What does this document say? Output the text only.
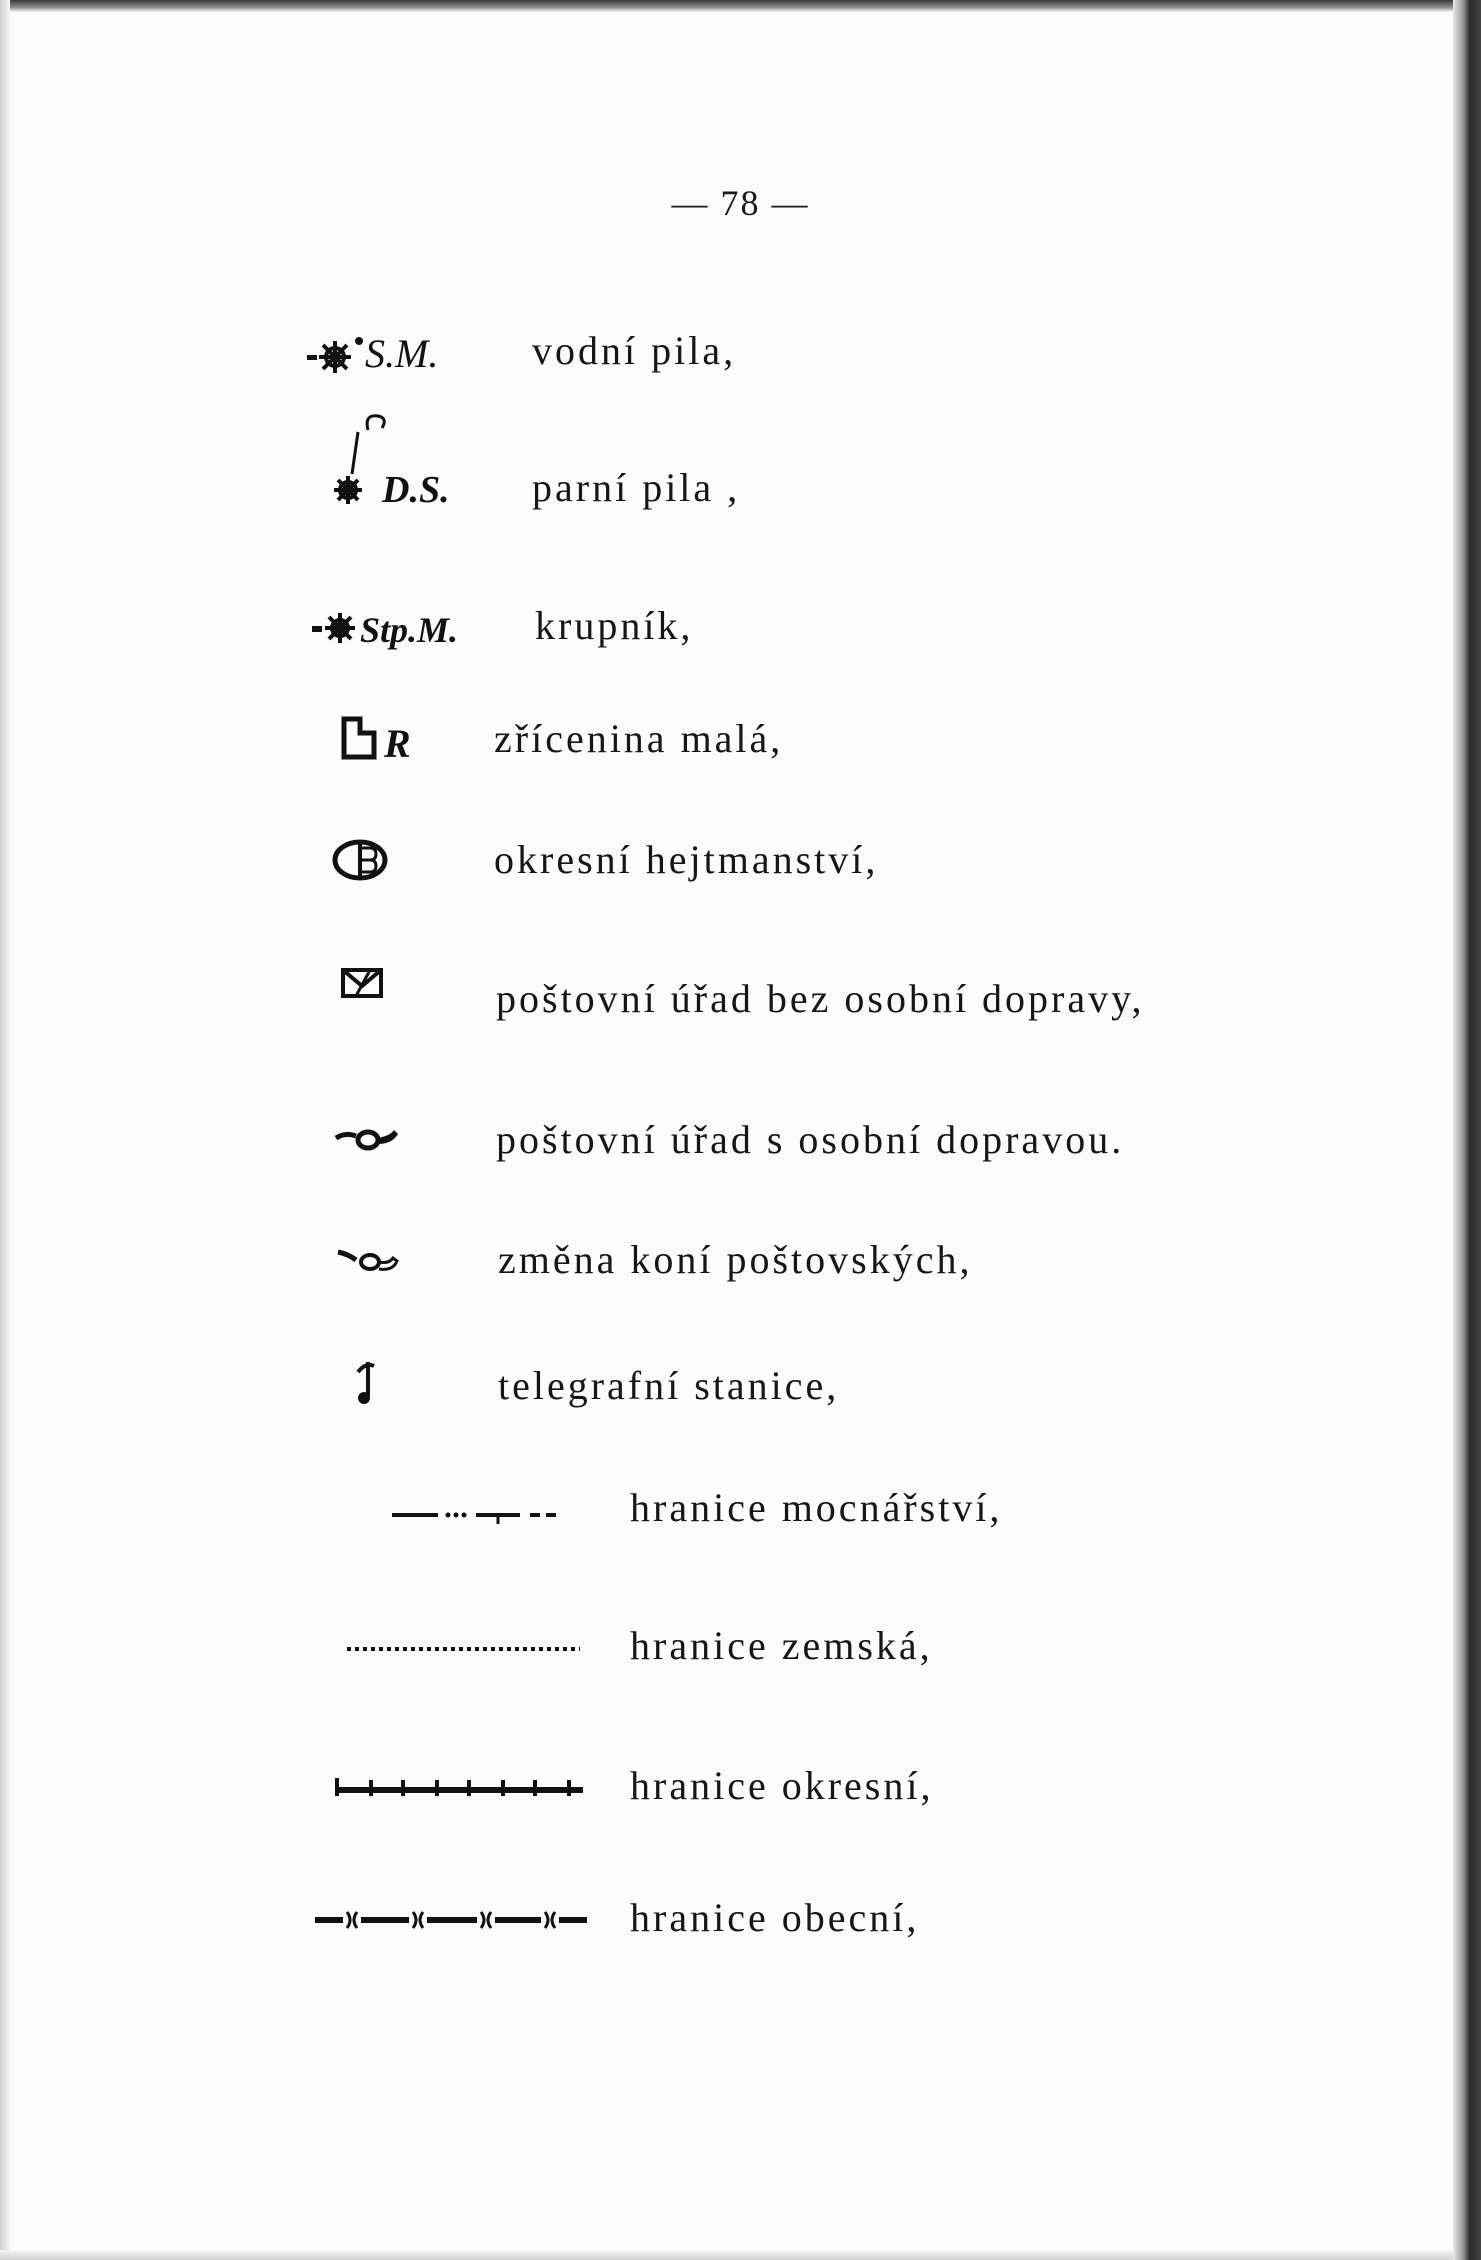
— 78 —
S.M. vodní pila,
D.S. parní pila ,
Stp.M. krupník,
R zřícenina malá,
okresní hejtmanství,
poštovní úřad bez osobní dopravy,
poštovní úřad s osobní dopravou.
změna koní poštovských,
telegrafní stanice,
hranice mocnářství,
hranice zemská,
hranice okresní,
hranice obecní,
